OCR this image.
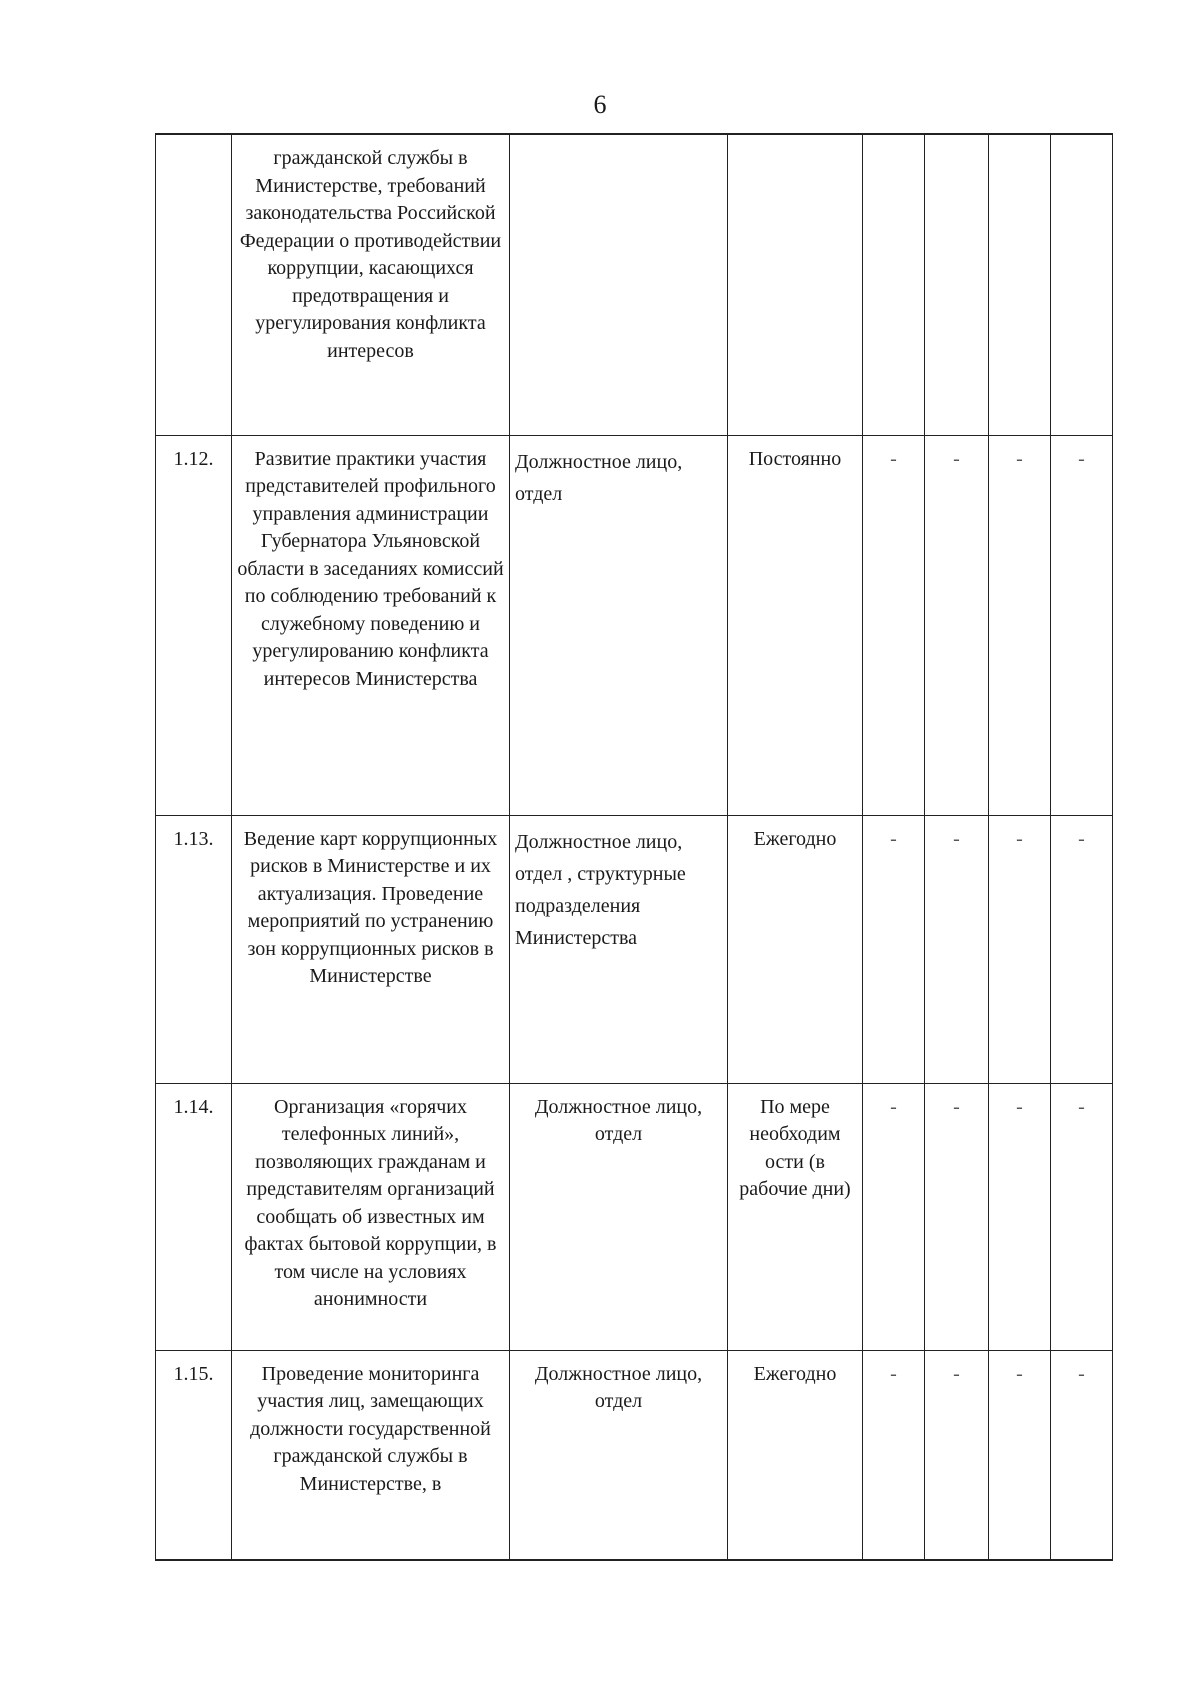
6
	гражданской службы в Министерстве, требований законодательства Российской Федерации о противодействии коррупции, касающихся предотвращения и урегулирования конфликта интересов						
1.12.	Развитие практики участия представителей профильного управления администрации Губернатора Ульяновской области в заседаниях комиссий по соблюдению требований к служебному поведению и урегулированию конфликта интересов Министерства	Должностное лицо, отдел	Постоянно	-	-	-	-
1.13.	Ведение карт коррупционных рисков в Министерстве и их актуализация. Проведение мероприятий по устранению зон коррупционных рисков в Министерстве	Должностное лицо, отдел , структурные подразделения Министерства	Ежегодно	-	-	-	-
1.14.	Организация «горячих телефонных линий», позволяющих гражданам и представителям организаций сообщать об известных им фактах бытовой коррупции, в том числе на условиях анонимности	Должностное лицо, отдел	По мере необходим ости (в рабочие дни)	-	-	-	-
1.15.	Проведение мониторинга участия лиц, замещающих должности государственной гражданской службы в Министерстве, в	Должностное лицо, отдел	Ежегодно	-	-	-	-
